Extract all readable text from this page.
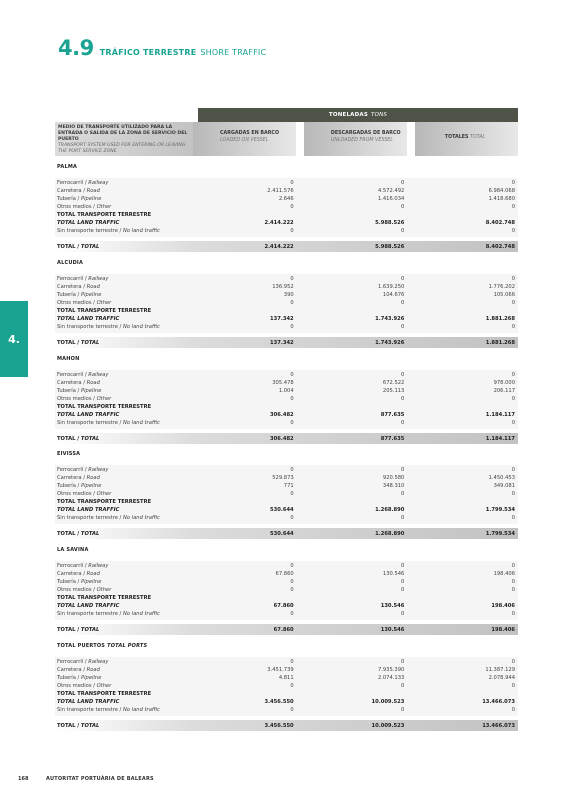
4.9 TRÁFICO TERRESTRE SHORE TRAFFIC
4.
TONELADAS TONS
MEDIO DE TRANSPORTE UTILIZADO PARA LA ENTRADA O SALIDA DE LA ZONA DE SERVICIO DEL PUERTO
TRANSPORT SYSTEM USED FOR ENTERING OR LEAVING THE PORT SERVICE ZONE
CARGADAS EN BARCO
LOADED ON VESSEL
DESCARGADAS DE BARCO
UNLOADED FROM VESSEL	TOTALES TOTAL
PALMA
Ferrocarril / Railway	0	0	0
Carretera / Road	2.411.576	4.572.492	6.984.068
Tubería / Pipeline	2.646	1.416.034	1.418.680
Otros medios / Other	0	0	0
TOTAL TRANSPORTE TERRESTRE
TOTAL LAND TRAFFIC	2.414.222	5.988.526	8.402.748
Sin transporte terrestre / No land traffic	0	0	0
TOTAL / TOTAL	2.414.222	5.988.526	8.402.748
ALCUDIA
Ferrocarril / Railway	0	0	0
Carretera / Road	136.952	1.639.250	1.776.202
Tubería / Pipeline	390	104.676	105.066
Otros medios / Other	0	0	0
TOTAL TRANSPORTE TERRESTRE
TOTAL LAND TRAFFIC	137.342	1.743.926	1.881.268
Sin transporte terrestre / No land traffic	0	0	0
TOTAL / TOTAL	137.342	1.743.926	1.881.268
MAHON
Ferrocarril / Railway	0	0	0
Carretera / Road	305.478	672.522	978.000
Tubería / Pipeline	1.004	205.113	206.117
Otros medios / Other	0	0	0
TOTAL TRANSPORTE TERRESTRE
TOTAL LAND TRAFFIC	306.482	877.635	1.184.117
Sin transporte terrestre / No land traffic	0	0	0
TOTAL / TOTAL	306.482	877.635	1.184.117
EIVISSA
Ferrocarril / Railway	0	0	0
Carretera / Road	529.873	920.580	1.450.453
Tubería / Pipeline	771	348.310	349.081
Otros medios / Other	0	0	0
TOTAL TRANSPORTE TERRESTRE
TOTAL LAND TRAFFIC	530.644	1.268.890	1.799.534
Sin transporte terrestre / No land traffic	0	0	0
TOTAL / TOTAL	530.644	1.268.890	1.799.534
LA SAVINA
Ferrocarril / Railway	0	0	0
Carretera / Road	67.860	130.546	198.406
Tubería / Pipeline	0	0	0
Otros medios / Other	0	0	0
TOTAL TRANSPORTE TERRESTRE
TOTAL LAND TRAFFIC	67.860	130.546	198.406
Sin transporte terrestre / No land traffic	0	0	0
TOTAL / TOTAL	67.860	130.546	198.406
TOTAL PUERTOS TOTAL PORTS
Ferrocarril / Railway	0	0	0
Carretera / Road	3.451.739	7.935.390	11.387.129
Tubería / Pipeline	4.811	2.074.133	2.078.944
Otros medios / Other	0	0	0
TOTAL TRANSPORTE TERRESTRE
TOTAL LAND TRAFFIC	3.456.550	10.009.523	13.466.073
Sin transporte terrestre / No land traffic	0	0	0
TOTAL / TOTAL	3.456.550	10.009.523	13.466.073
168	AUTORITAT PORTUÀRIA DE BALEARS
